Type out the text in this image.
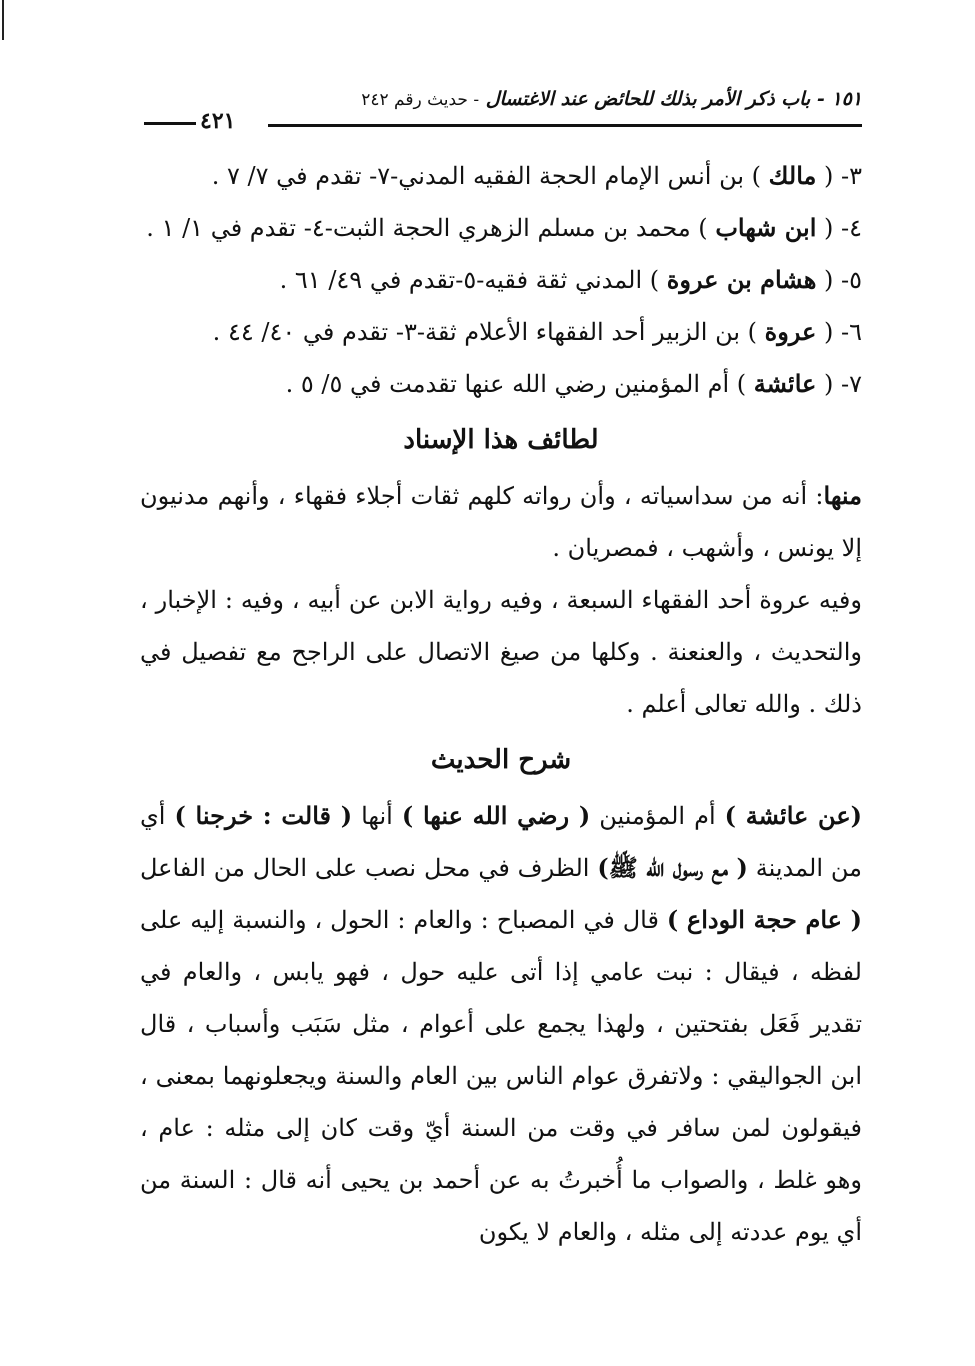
١٥١ - باب ذكر الأمر بذلك للحائض عند الاغتسال - حديث رقم ٢٤٢
٤٢١

٣- ( مالك ) بن أنس الإمام الحجة الفقيه المدني-٧- تقدم في ٧/ ٧ .

٤- ( ابن شهاب ) محمد بن مسلم الزهري الحجة الثبت-٤- تقدم في ١/ ١ .

٥- ( هشام بن عروة ) المدني ثقة فقيه-٥-تقدم في ٤٩/ ٦١ .

٦- ( عروة ) بن الزبير أحد الفقهاء الأعلام ثقة-٣- تقدم في ٤٠/ ٤٤ .

٧- ( عائشة ) أم المؤمنين رضي الله عنها تقدمت في ٥/ ٥ .

لطائف هذا الإسناد

منها: أنه من سداسياته ، وأن رواته كلهم ثقات أجلاء فقهاء ، وأنهم مدنيون إلا يونس ، وأشهب ، فمصريان .

وفيه عروة أحد الفقهاء السبعة ، وفيه رواية الابن عن أبيه ، وفيه : الإخبار ، والتحديث ، والعنعنة . وكلها من صيغ الاتصال على الراجح مع تفصيل في ذلك . والله تعالى أعلم .

شرح الحديث

(عن عائشة ) أم المؤمنين ( رضي الله عنها ) أنها ( قالت : خرجنا ) أي من المدينة ( مع رسول الله ﷺ) الظرف في محل نصب على الحال من الفاعل ( عام حجة الوداع ) قال في المصباح : والعام : الحول ، والنسبة إليه على لفظه ، فيقال : نبت عامي إذا أتى عليه حول ، فهو يابس ، والعام في تقدير فَعَل بفتحتين ، ولهذا يجمع على أعوام ، مثل سَبَب وأسباب ، قال ابن الجواليقي : ولاتفرق عوام الناس بين العام والسنة ويجعلونهما بمعنى ، فيقولون لمن سافر في وقت من السنة أيّ وقت كان إلى مثله : عام ، وهو غلط ، والصواب ما أُخبرتُ به عن أحمد بن يحيى أنه قال : السنة من أي يوم عددته إلى مثله ، والعام لا يكون
